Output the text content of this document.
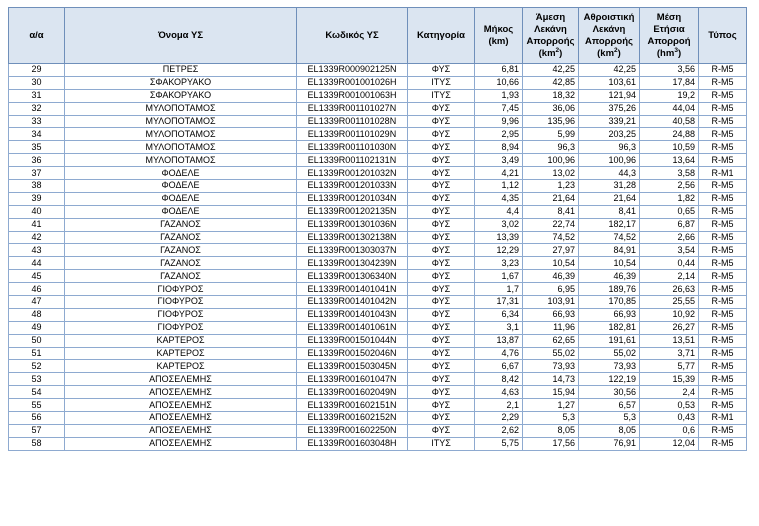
α/α	Όνομα ΥΣ	Κωδικός ΥΣ	Κατηγορία	Μήκος (km)	Άμεση Λεκάνη Απορροής $(km^2)$	Αθροιστική Λεκάνη Απορροής $(km^2)$	Μέση Ετήσια Απορροή $(hm^3)$	Τύπος
29	ΠΕΤΡΕΣ	EL1339R000902125N	ΦΥΣ	6,81	42,25	42,25	3,56	R-M5
30	ΣΦΑΚΟΡΥΑΚΟ	EL1339R001001026H	ΙΤΥΣ	10,66	42,85	103,61	17,84	R-M5
31	ΣΦΑΚΟΡΥΑΚΟ	EL1339R001001063H	ΙΤΥΣ	1,93	18,32	121,94	19,2	R-M5
32	ΜΥΛΟΠΟΤΑΜΟΣ	EL1339R001101027N	ΦΥΣ	7,45	36,06	375,26	44,04	R-M5
33	ΜΥΛΟΠΟΤΑΜΟΣ	EL1339R001101028N	ΦΥΣ	9,96	135,96	339,21	40,58	R-M5
34	ΜΥΛΟΠΟΤΑΜΟΣ	EL1339R001101029N	ΦΥΣ	2,95	5,99	203,25	24,88	R-M5
35	ΜΥΛΟΠΟΤΑΜΟΣ	EL1339R001101030N	ΦΥΣ	8,94	96,3	96,3	10,59	R-M5
36	ΜΥΛΟΠΟΤΑΜΟΣ	EL1339R001102131N	ΦΥΣ	3,49	100,96	100,96	13,64	R-M5
37	ΦΟΔΕΛΕ	EL1339R001201032N	ΦΥΣ	4,21	13,02	44,3	3,58	R-M1
38	ΦΟΔΕΛΕ	EL1339R001201033N	ΦΥΣ	1,12	1,23	31,28	2,56	R-M5
39	ΦΟΔΕΛΕ	EL1339R001201034N	ΦΥΣ	4,35	21,64	21,64	1,82	R-M5
40	ΦΟΔΕΛΕ	EL1339R001202135N	ΦΥΣ	4,4	8,41	8,41	0,65	R-M5
41	ΓΑΖΑΝΟΣ	EL1339R001301036N	ΦΥΣ	3,02	22,74	182,17	6,87	R-M5
42	ΓΑΖΑΝΟΣ	EL1339R001302138N	ΦΥΣ	13,39	74,52	74,52	2,66	R-M5
43	ΓΑΖΑΝΟΣ	EL1339R001303037N	ΦΥΣ	12,29	27,97	84,91	3,54	R-M5
44	ΓΑΖΑΝΟΣ	EL1339R001304239N	ΦΥΣ	3,23	10,54	10,54	0,44	R-M5
45	ΓΑΖΑΝΟΣ	EL1339R001306340N	ΦΥΣ	1,67	46,39	46,39	2,14	R-M5
46	ΓΙΟΦΥΡΟΣ	EL1339R001401041N	ΦΥΣ	1,7	6,95	189,76	26,63	R-M5
47	ΓΙΟΦΥΡΟΣ	EL1339R001401042N	ΦΥΣ	17,31	103,91	170,85	25,55	R-M5
48	ΓΙΟΦΥΡΟΣ	EL1339R001401043N	ΦΥΣ	6,34	66,93	66,93	10,92	R-M5
49	ΓΙΟΦΥΡΟΣ	EL1339R001401061N	ΦΥΣ	3,1	11,96	182,81	26,27	R-M5
50	ΚΑΡΤΕΡΟΣ	EL1339R001501044N	ΦΥΣ	13,87	62,65	191,61	13,51	R-M5
51	ΚΑΡΤΕΡΟΣ	EL1339R001502046N	ΦΥΣ	4,76	55,02	55,02	3,71	R-M5
52	ΚΑΡΤΕΡΟΣ	EL1339R001503045N	ΦΥΣ	6,67	73,93	73,93	5,77	R-M5
53	ΑΠΟΣΕΛΕΜΗΣ	EL1339R001601047N	ΦΥΣ	8,42	14,73	122,19	15,39	R-M5
54	ΑΠΟΣΕΛΕΜΗΣ	EL1339R001602049N	ΦΥΣ	4,63	15,94	30,56	2,4	R-M5
55	ΑΠΟΣΕΛΕΜΗΣ	EL1339R001602151N	ΦΥΣ	2,1	1,27	6,57	0,53	R-M5
56	ΑΠΟΣΕΛΕΜΗΣ	EL1339R001602152N	ΦΥΣ	2,29	5,3	5,3	0,43	R-M1
57	ΑΠΟΣΕΛΕΜΗΣ	EL1339R001602250N	ΦΥΣ	2,62	8,05	8,05	0,6	R-M5
58	ΑΠΟΣΕΛΕΜΗΣ	EL1339R001603048H	ΙΤΥΣ	5,75	17,56	76,91	12,04	R-M5
